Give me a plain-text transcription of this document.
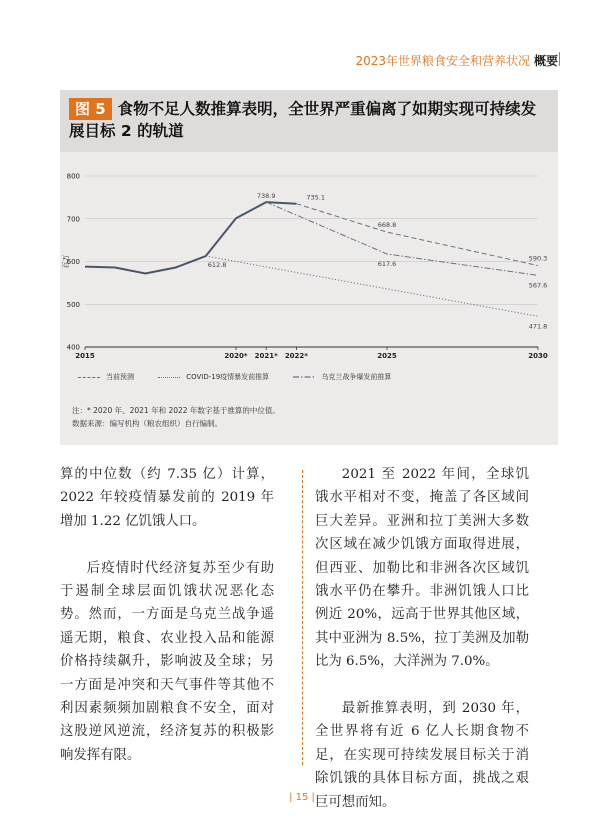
2023年世界粮食安全和营养状况 概要
图 5 食物不足人数推算表明，全世界严重偏离了如期实现可持续发展目标 2 的轨道
400
500
600
700
800
百万
2015	2020* 2021* 2022*	2025	2030
612.8
738.9	735.1
668.8
617.6
590.3
567.6
471.8
当前预测	COVID-19疫情暴发前推算	乌克兰战争爆发前推算
注：* 2020 年、2021 年和 2022 年数字基于推算的中位值。
数据来源：编写机构（粮农组织）自行编制。

算的中位数（约 7.35 亿）计算，2022 年较疫情暴发前的 2019 年增加 1.22 亿饥饿人口。

后疫情时代经济复苏至少有助于遏制全球层面饥饿状况恶化态势。然而，一方面是乌克兰战争遥遥无期，粮食、农业投入品和能源价格持续飙升，影响波及全球；另一方面是冲突和天气事件等其他不利因素频频加剧粮食不安全，面对这股逆风逆流，经济复苏的积极影响发挥有限。

2021 至 2022 年间，全球饥饿水平相对不变，掩盖了各区域间巨大差异。亚洲和拉丁美洲大多数次区域在减少饥饿方面取得进展，但西亚、加勒比和非洲各次区域饥饿水平仍在攀升。非洲饥饿人口比例近 20%，远高于世界其他区域，其中亚洲为 8.5%，拉丁美洲及加勒比为 6.5%，大洋洲为 7.0%。

最新推算表明，到 2030 年，全世界将有近 6 亿人长期食物不足，在实现可持续发展目标关于消除饥饿的具体目标方面，挑战之艰巨可想而知。

| 15 |
